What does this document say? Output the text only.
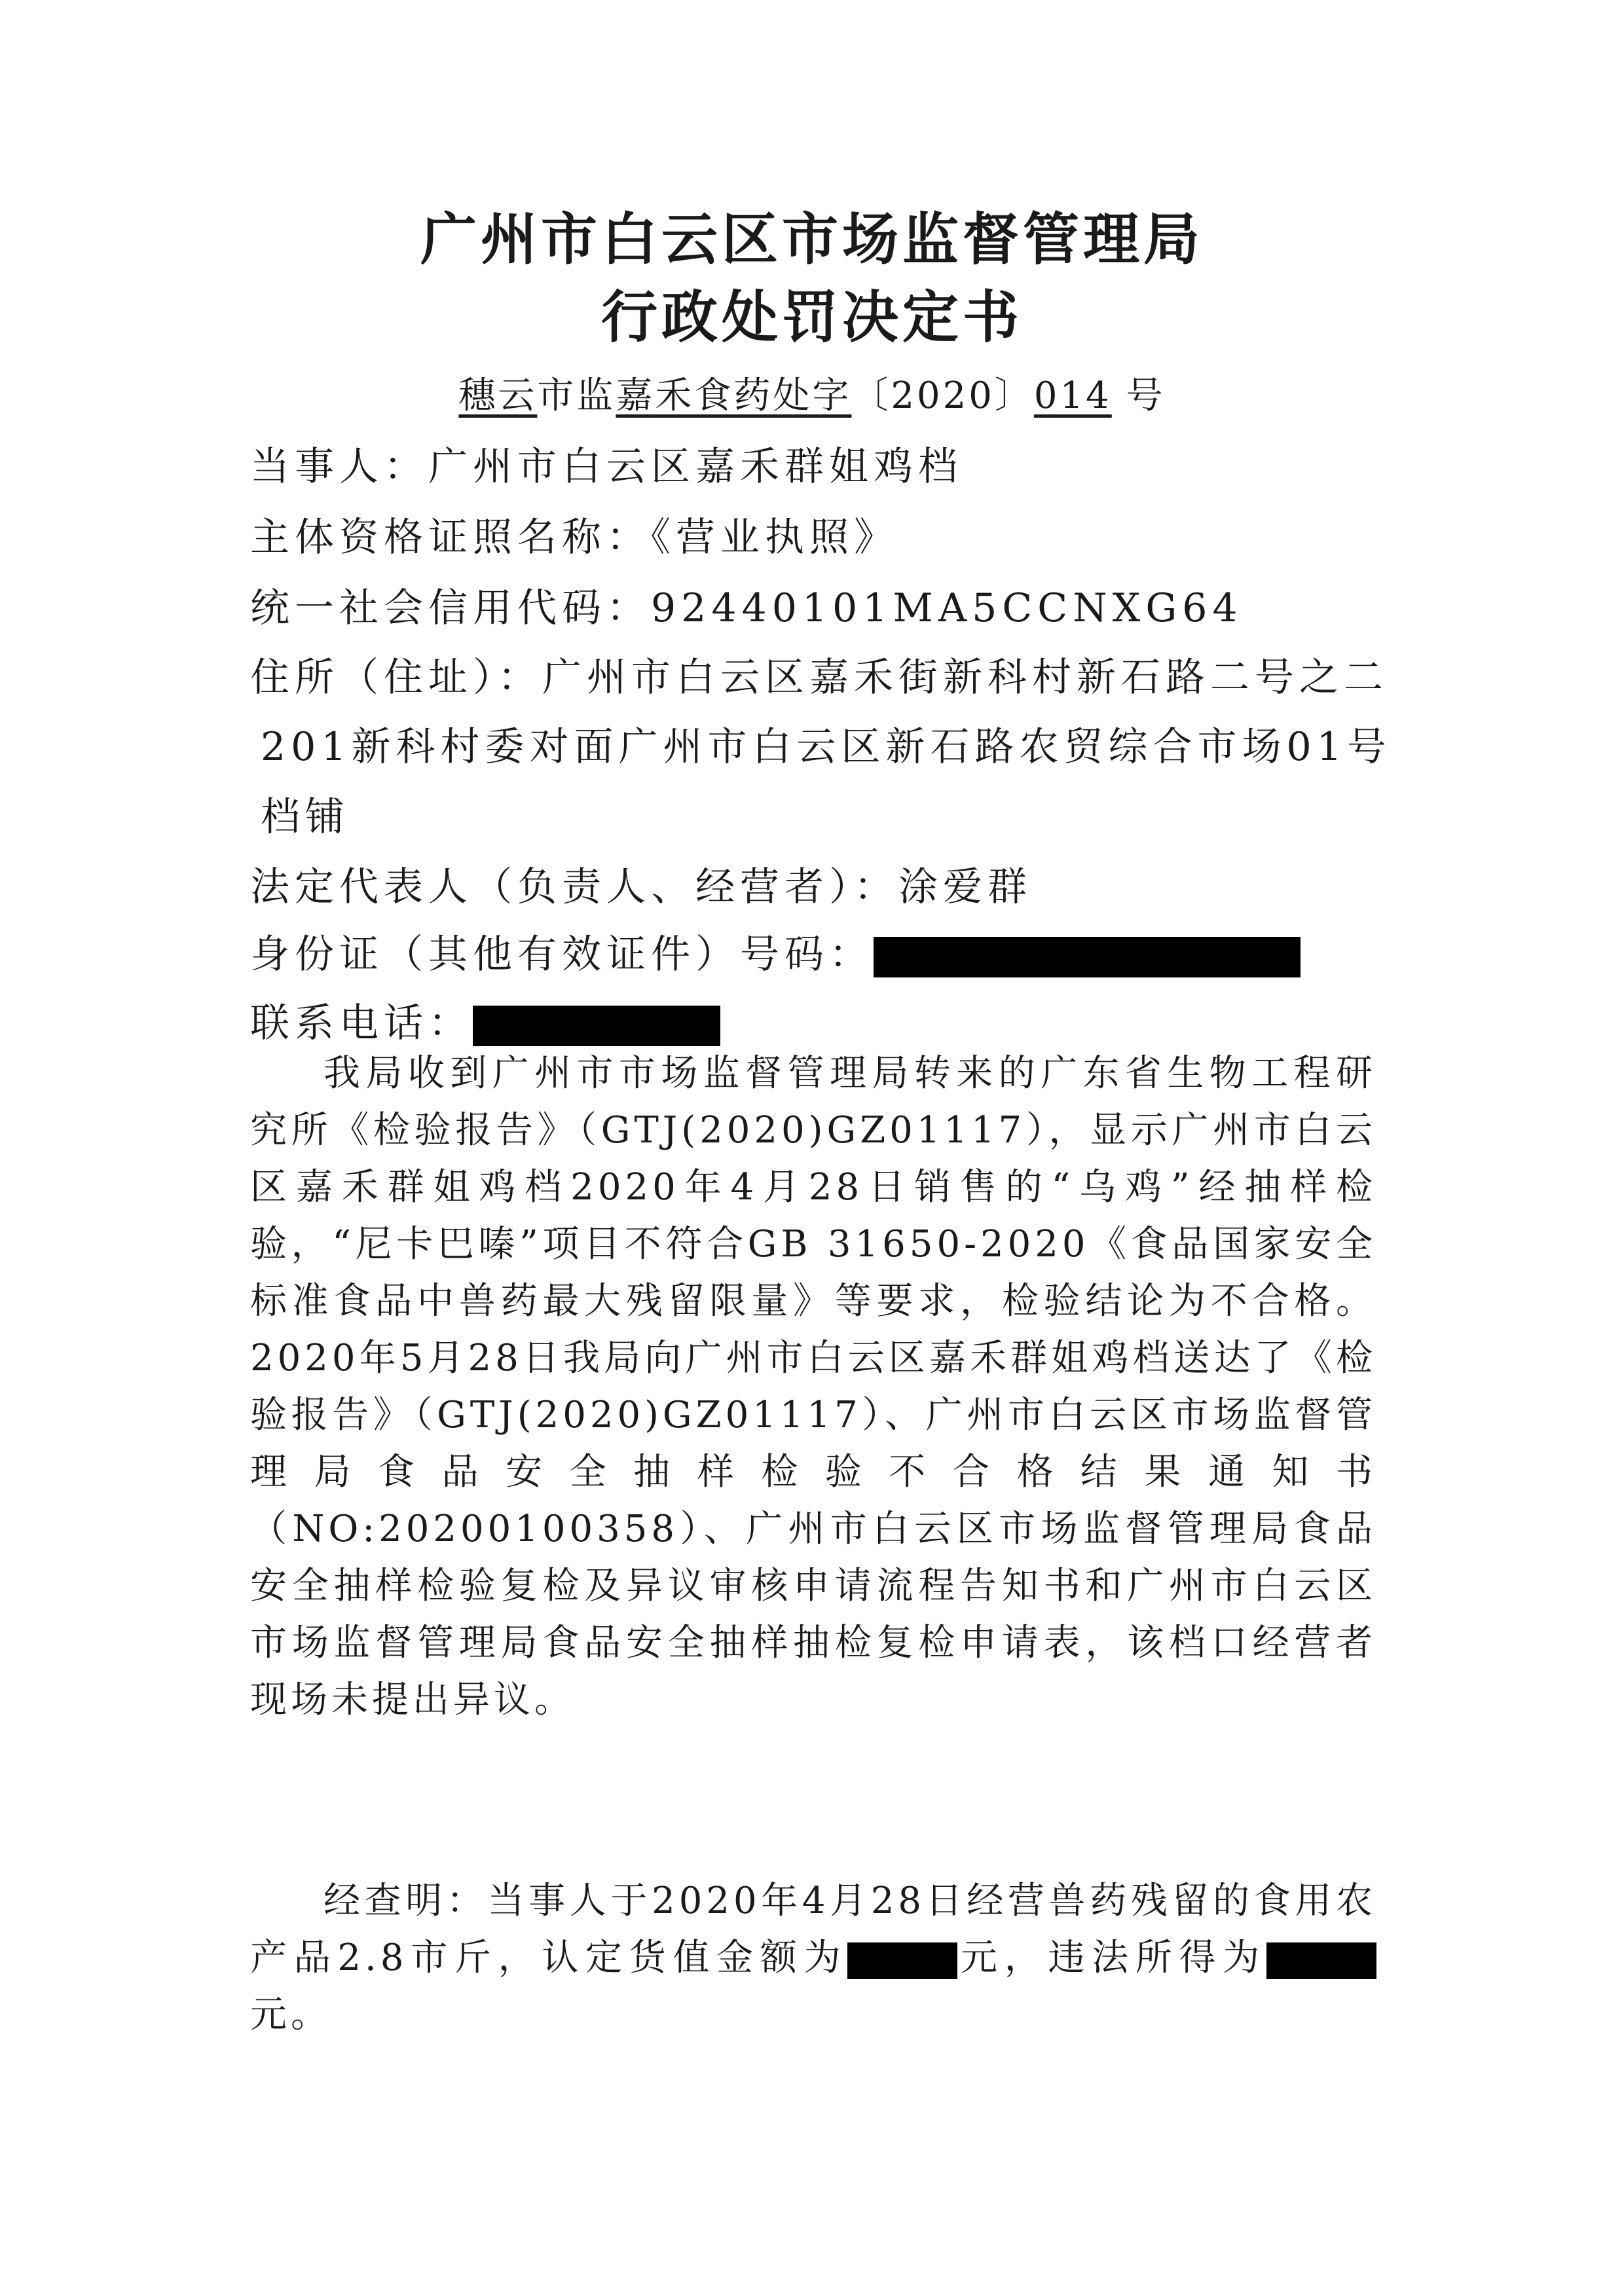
广州市白云区市场监督管理局
行政处罚决定书
穗云市监嘉禾食药处字〔2020〕014 号
当事人：广州市白云区嘉禾群姐鸡档
主体资格证照名称：《营业执照》
统一社会信用代码：92440101MA5CCNXG64
住所（住址）：广州市白云区嘉禾街新科村新石路二号之二
201新科村委对面广州市白云区新石路农贸综合市场01号
档铺
法定代表人（负责人、经营者）：涂爱群
身份证（其他有效证件）号码：
联系电话：

我局收到广州市市场监督管理局转来的广东省生物工程研究所《检验报告》（GTJ(2020)GZ01117），显示广州市白云区嘉禾群姐鸡档2020年4月28日销售的“乌鸡”经抽样检验，“尼卡巴嗪”项目不符合GB 31650-2020《食品国家安全标准食品中兽药最大残留限量》等要求，检验结论为不合格。2020年5月28日我局向广州市白云区嘉禾群姐鸡档送达了《检验报告》（GTJ(2020)GZ01117）、广州市白云区市场监督管理局食品安全抽样检验不合格结果通知书（NO:20200100358）、广州市白云区市场监督管理局食品安全抽样检验复检及异议审核申请流程告知书和广州市白云区市场监督管理局食品安全抽样抽检复检申请表，该档口经营者现场未提出异议。

经查明：当事人于2020年4月28日经营兽药残留的食用农产品2.8市斤，认定货值金额为	元，违法所得为元。
